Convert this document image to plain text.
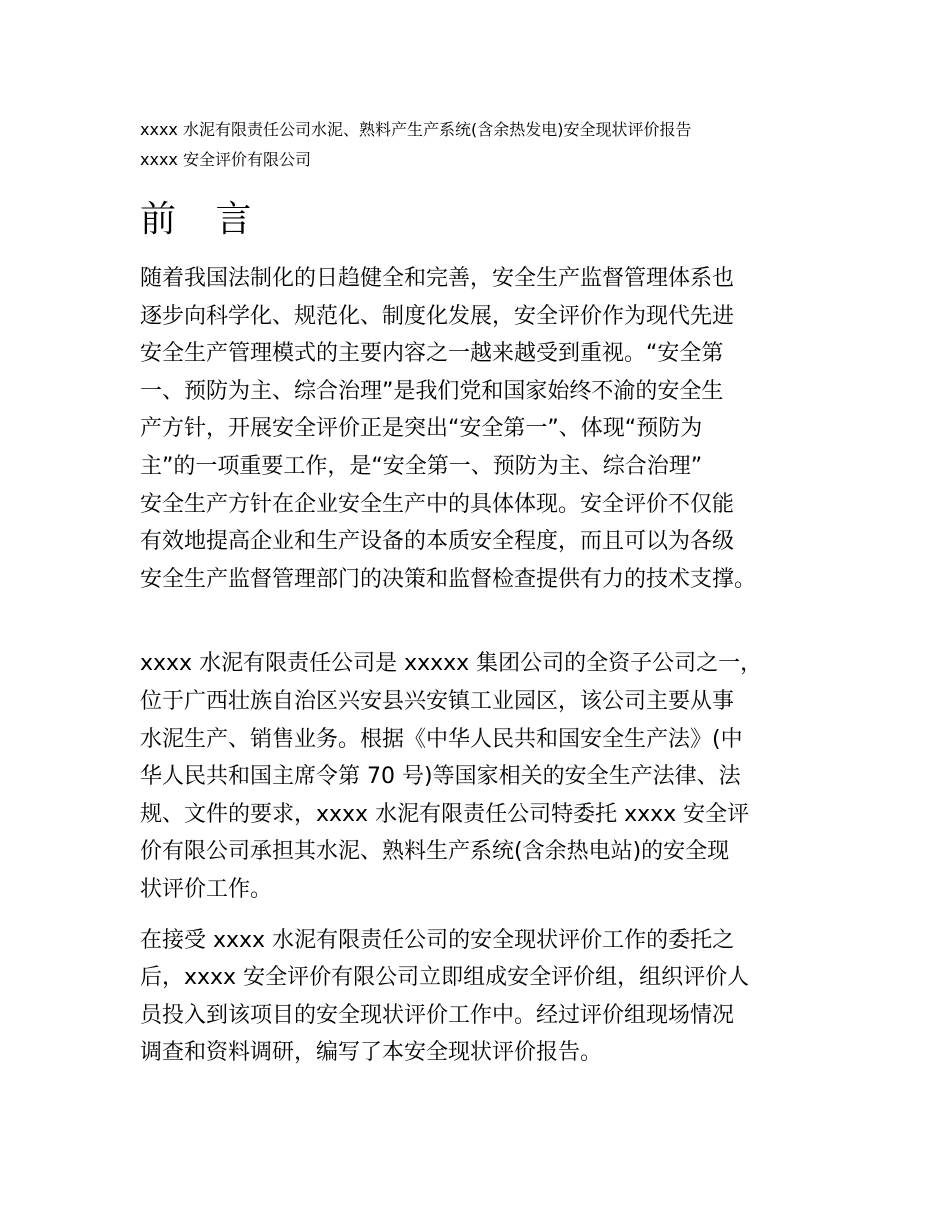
xxxx 水泥有限责任公司水泥、熟料产生产系统(含余热发电)安全现状评价报告
xxxx 安全评价有限公司
前 言

随着我国法制化的日趋健全和完善，安全生产监督管理体系也
逐步向科学化、规范化、制度化发展，安全评价作为现代先进
安全生产管理模式的主要内容之一越来越受到重视。“安全第
一、预防为主、综合治理”是我们党和国家始终不渝的安全生
产方针，开展安全评价正是突出“安全第一”、体现“预防为
主”的一项重要工作，是“安全第一、预防为主、综合治理”
安全生产方针在企业安全生产中的具体体现。安全评价不仅能
有效地提高企业和生产设备的本质安全程度，而且可以为各级
安全生产监督管理部门的决策和监督检查提供有力的技术支撑。

xxxx 水泥有限责任公司是 xxxxx 集团公司的全资子公司之一，
位于广西壮族自治区兴安县兴安镇工业园区，该公司主要从事
水泥生产、销售业务。根据《中华人民共和国安全生产法》(中
华人民共和国主席令第 70 号)等国家相关的安全生产法律、法
规、文件的要求，xxxx 水泥有限责任公司特委托 xxxx 安全评
价有限公司承担其水泥、熟料生产系统(含余热电站)的安全现
状评价工作。

在接受 xxxx 水泥有限责任公司的安全现状评价工作的委托之
后，xxxx 安全评价有限公司立即组成安全评价组，组织评价人
员投入到该项目的安全现状评价工作中。经过评价组现场情况
调查和资料调研，编写了本安全现状评价报告。
